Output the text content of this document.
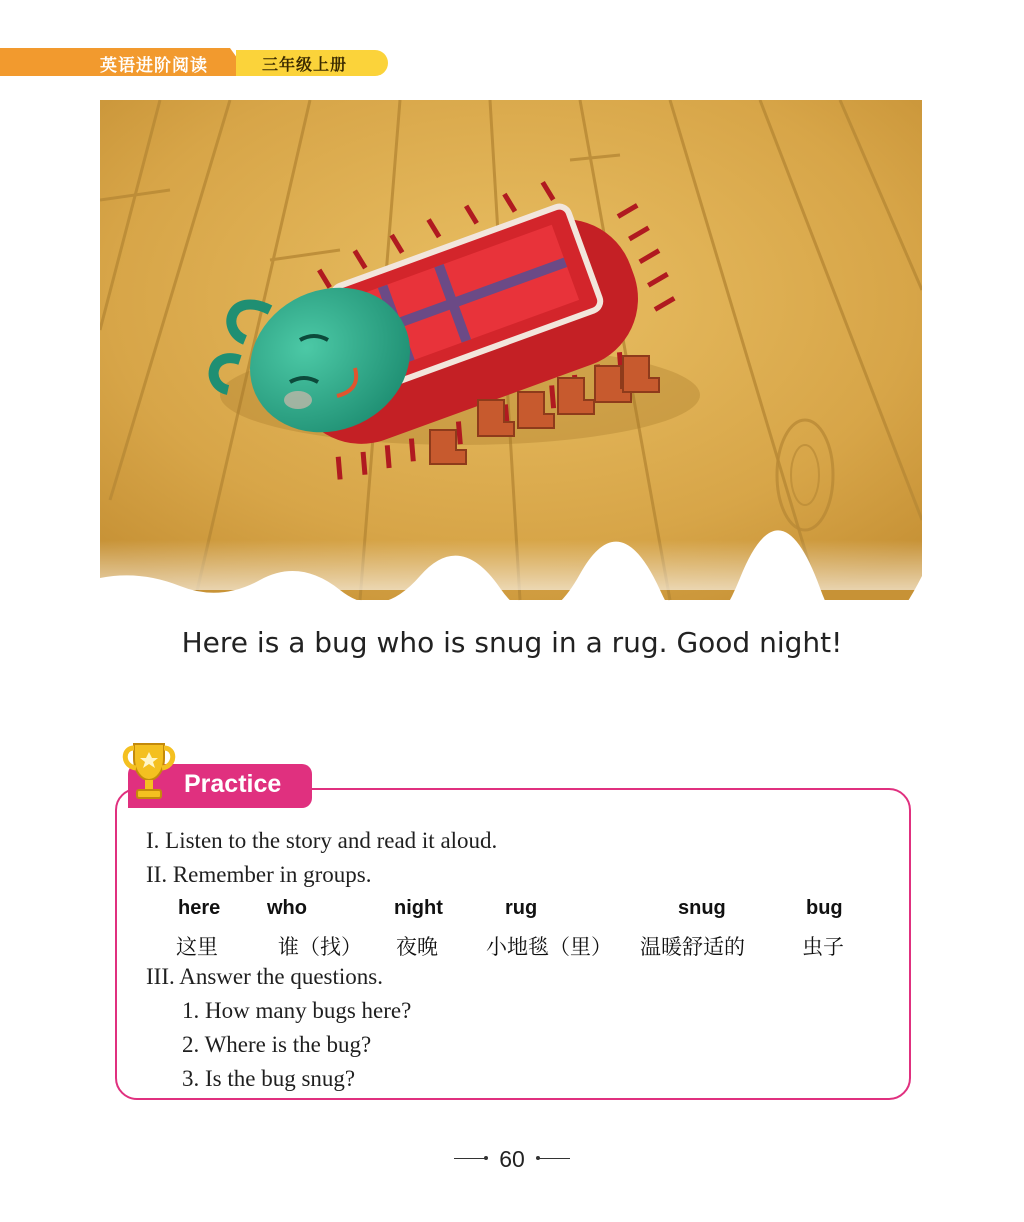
英语进阶阅读	三年级上册
Here is a bug who is snug in a rug. Good night!
Practice
I. Listen to the story and read it aloud.
II. Remember in groups.
here who	night	rug	snug	bug
这里	谁（找） 夜晚 小地毯（里） 温暖舒适的	虫子
III. Answer the questions.
1. How many bugs here?
2. Where is the bug?
3. Is the bug snug?
60
